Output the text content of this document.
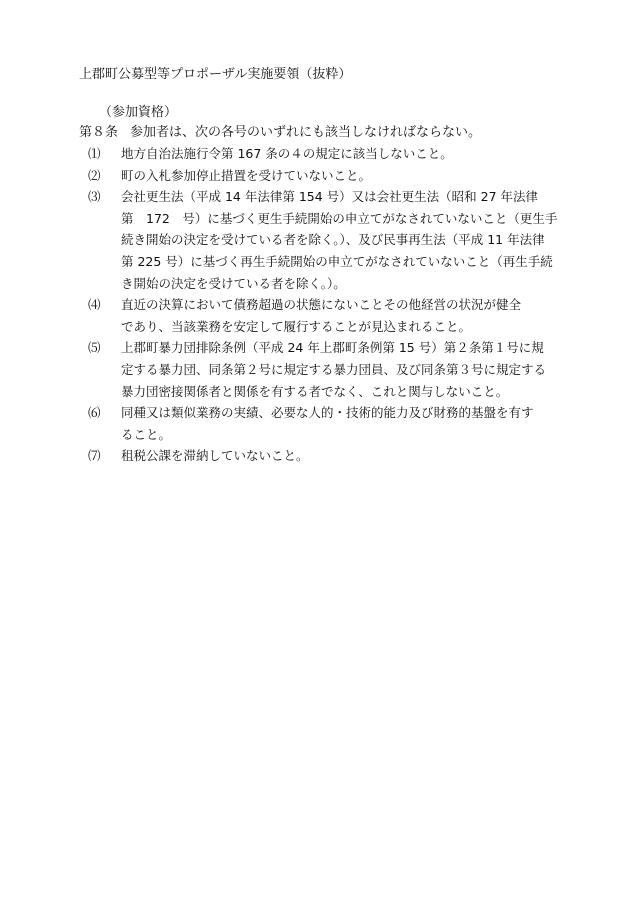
上郡町公募型等プロポーザル実施要領（抜粋）
（参加資格）
第８条 参加者は、次の各号のいずれにも該当しなければならない。
⑴	地方自治法施行令第 167 条の４の規定に該当しないこと。
⑵	町の入札参加停止措置を受けていないこと。
⑶	会社更生法（平成 14 年法律第 154 号）又は会社更生法（昭和 27 年法律
第　172　号）に基づく更生手続開始の申立てがなされていないこと（更生手
続き開始の決定を受けている者を除く。）、及び民事再生法（平成 11 年法律
第 225 号）に基づく再生手続開始の申立てがなされていないこと（再生手続
き開始の決定を受けている者を除く。）。
⑷	直近の決算において債務超過の状態にないことその他経営の状況が健全
であり、当該業務を安定して履行することが見込まれること。
⑸	上郡町暴力団排除条例（平成 24 年上郡町条例第 15 号）第２条第１号に規
定する暴力団、同条第２号に規定する暴力団員、及び同条第３号に規定する
暴力団密接関係者と関係を有する者でなく、これと関与しないこと。
⑹	同種又は類似業務の実績、必要な人的・技術的能力及び財務的基盤を有す
ること。
⑺	租税公課を滞納していないこと。
